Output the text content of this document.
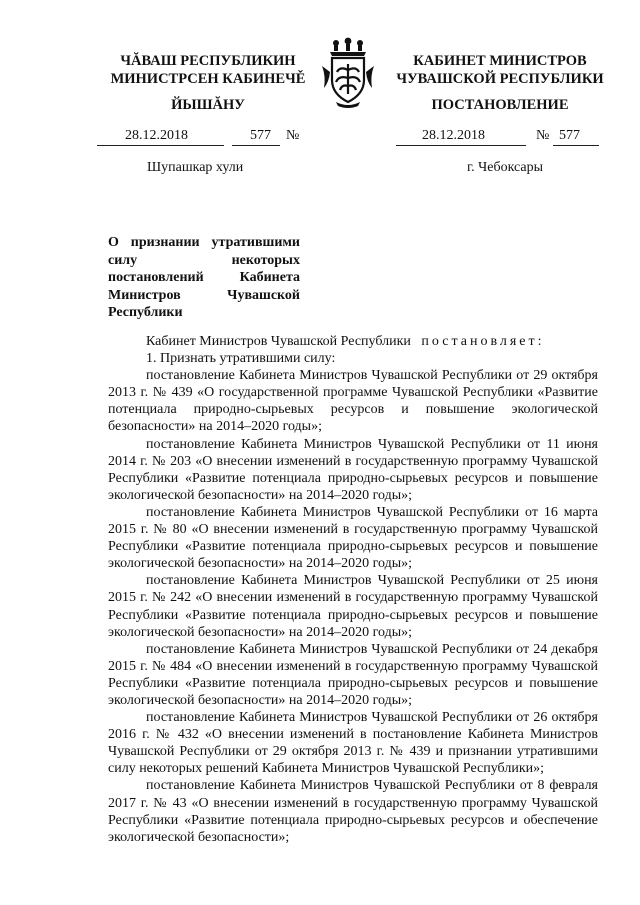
ЧĂВАШ РЕСПУБЛИКИН
МИНИСТРСЕН КАБИНЕЧĚ
ЙЫШĂНУ
КАБИНЕТ МИНИСТРОВ
ЧУВАШСКОЙ РЕСПУБЛИКИ
ПОСТАНОВЛЕНИЕ
28.12.2018	577 №	28.12.2018	№ 577
Шупашкар хули	г. Чебоксары
О признании утратившими силу некоторых постановлений Кабинета Министров Чувашской Республики

Кабинет Министров Чувашской Республики постановляет:

1. Признать утратившими силу:

постановление Кабинета Министров Чувашской Республики от 29 октября 2013 г. № 439 «О государственной программе Чувашской Республики «Развитие потенциала природно-сырьевых ресурсов и повышение экологической безопасности» на 2014–2020 годы»;

постановление Кабинета Министров Чувашской Республики от 11 июня 2014 г. № 203 «О внесении изменений в государственную программу Чувашской Республики «Развитие потенциала природно-сырьевых ресурсов и повышение экологической безопасности» на 2014–2020 годы»;

постановление Кабинета Министров Чувашской Республики от 16 марта 2015 г. № 80 «О внесении изменений в государственную программу Чувашской Республики «Развитие потенциала природно-сырьевых ресурсов и повышение экологической безопасности» на 2014–2020 годы»;

постановление Кабинета Министров Чувашской Республики от 25 июня 2015 г. № 242 «О внесении изменений в государственную программу Чувашской Республики «Развитие потенциала природно-сырьевых ресурсов и повышение экологической безопасности» на 2014–2020 годы»;

постановление Кабинета Министров Чувашской Республики от 24 декабря 2015 г. № 484 «О внесении изменений в государственную программу Чувашской Республики «Развитие потенциала природно-сырьевых ресурсов и повышение экологической безопасности» на 2014–2020 годы»;

постановление Кабинета Министров Чувашской Республики от 26 октября 2016 г. № 432 «О внесении изменений в постановление Кабинета Министров Чувашской Республики от 29 октября 2013 г. № 439 и признании утратившими силу некоторых решений Кабинета Министров Чувашской Республики»;

постановление Кабинета Министров Чувашской Республики от 8 февраля 2017 г. № 43 «О внесении изменений в государственную программу Чувашской Республики «Развитие потенциала природно-сырьевых ресурсов и обеспечение экологической безопасности»;
